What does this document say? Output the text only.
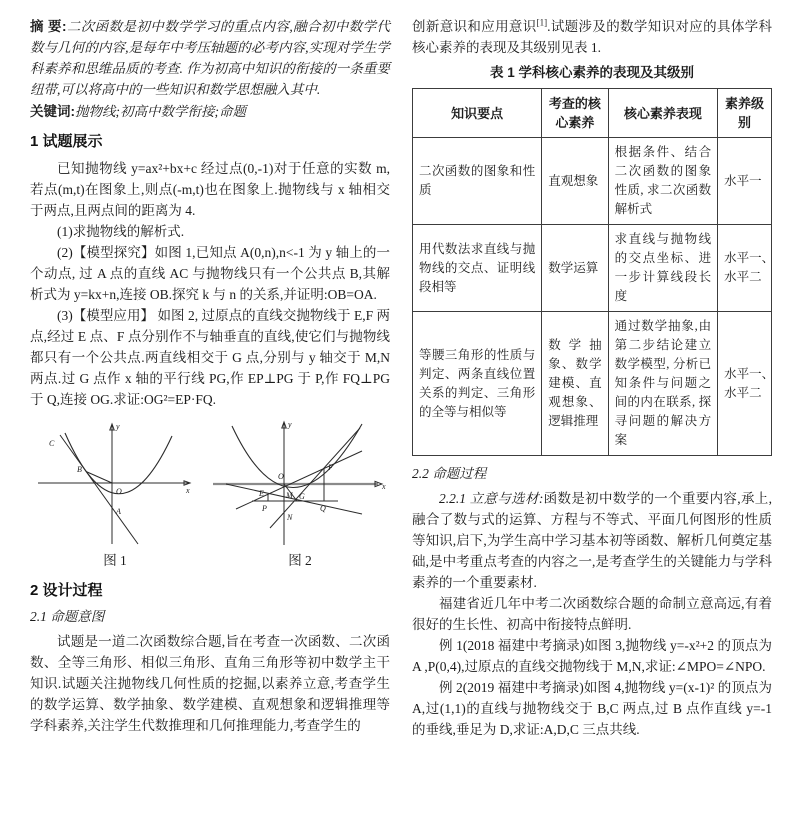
摘 要:二次函数是初中数学学习的重点内容,融合初中数学代数与几何的内容,是每年中考压轴题的必考内容,实现对学生学科素养和思维品质的考查. 作为初高中知识的衔接的一条重要纽带,可以将高中的一些知识和数学思想融入其中.

关键词:抛物线;初高中数学衔接;命题

1 试题展示

已知抛物线 y=ax²+bx+c 经过点(0,-1)对于任意的实数 m,若点(m,t)在图象上,则点(-m,t)也在图象上.抛物线与 x 轴相交于两点,且两点间的距离为 4.

(1)求抛物线的解析式.

(2)【模型探究】如图 1,已知点 A(0,n),n<-1 为 y 轴上的一个动点, 过 A 点的直线 AC 与抛物线只有一个公共点 B,其解析式为 y=kx+n,连接 OB.探究 k 与 n 的关系,并证明:OB=OA.

(3)【模型应用】 如图 2, 过原点的直线交抛物线于 E,F 两点,经过 E 点、F 点分别作不与轴垂直的直线,使它们与抛物线都只有一个公共点.两直线相交于 G 点,分别与 y 轴交于 M,N 两点.过 G 点作 x 轴的平行线 PG,作 EP⊥PG 于 P,作 FQ⊥PG 于 Q,连接 OG.求证:OG²=EP·FQ.

C
B
O
A
y
x
图 1
O
E	M
P
G
Q
F
N
y
x
图 2
2 设计过程
2.1 命题意图

试题是一道二次函数综合题,旨在考查一次函数、二次函数、全等三角形、相似三角形、直角三角形等初中数学主干知识.试题关注抛物线几何性质的挖掘,以素养立意,考查学生的数学运算、数学抽象、数学建模、直观想象和逻辑推理等学科素养,关注学生代数推理和几何推理能力,考查学生的

创新意识和应用意识[1].试题涉及的数学知识对应的具体学科核心素养的表现及其级别见表 1.

表 1 学科核心素养的表现及其级别
知识要点	考查的核心素养	核心素养表现	素养级别
二次函数的图象和性质	直观想象	根据条件、结合二次函数的图象性质, 求二次函数解析式	水平一
用代数法求直线与抛物线的交点、证明线段相等	数学运算	求直线与抛物线的交点坐标、进一步计算线段长度	水平一、水平二
等腰三角形的性质与判定、两条直线位置关系的判定、三角形的全等与相似等	数学抽象、数学建模、直观想象、逻辑推理	通过数学抽象,由第二步结论建立数学模型, 分析已知条件与问题之间的内在联系, 探寻问题的解决方案	水平一、水平二
2.2 命题过程

2.2.1 立意与选材:函数是初中数学的一个重要内容,承上,融合了数与式的运算、方程与不等式、平面几何图形的性质等知识,启下,为学生高中学习基本初等函数、解析几何奠定基础,是中考重点考查的内容之一,是考查学生的关键能力与学科素养的一个重要素材.

福建省近几年中考二次函数综合题的命制立意高远,有着很好的生长性、初高中衔接特点鲜明.

例 1(2018 福建中考摘录)如图 3,抛物线 y=-x²+2 的顶点为 A ,P(0,4),过原点的直线交抛物线于 M,N,求证:∠MPO=∠NPO.

例 2(2019 福建中考摘录)如图 4,抛物线 y=(x-1)² 的顶点为 A,过(1,1)的直线与抛物线交于 B,C 两点,过 B 点作直线 y=-1 的垂线,垂足为 D,求证:A,D,C 三点共线.
